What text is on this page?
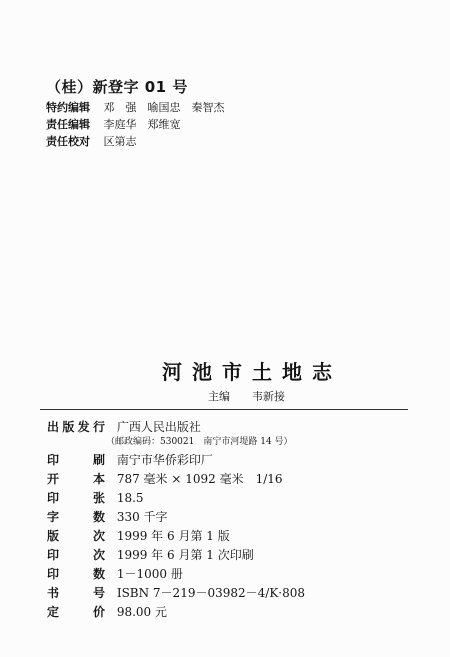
（桂）新登字 01 号
特约编辑 邓　强　喻国忠　秦智杰
责任编辑 李庭华　郑维宽
责任校对 区第志
河池市土地志
主编 韦新接
出版发行 广西人民出版社
（邮政编码：530021　南宁市河堤路 14 号）
印刷 南宁市华侨彩印厂
开本 787 毫米 × 1092 毫米　1/16
印张 18.5
字数 330 千字
版次 1999 年 6 月第 1 版
印次 1999 年 6 月第 1 次印刷
印数 1－1000 册
书号 ISBN 7－219－03982－4/K·808
定价 98.00 元
